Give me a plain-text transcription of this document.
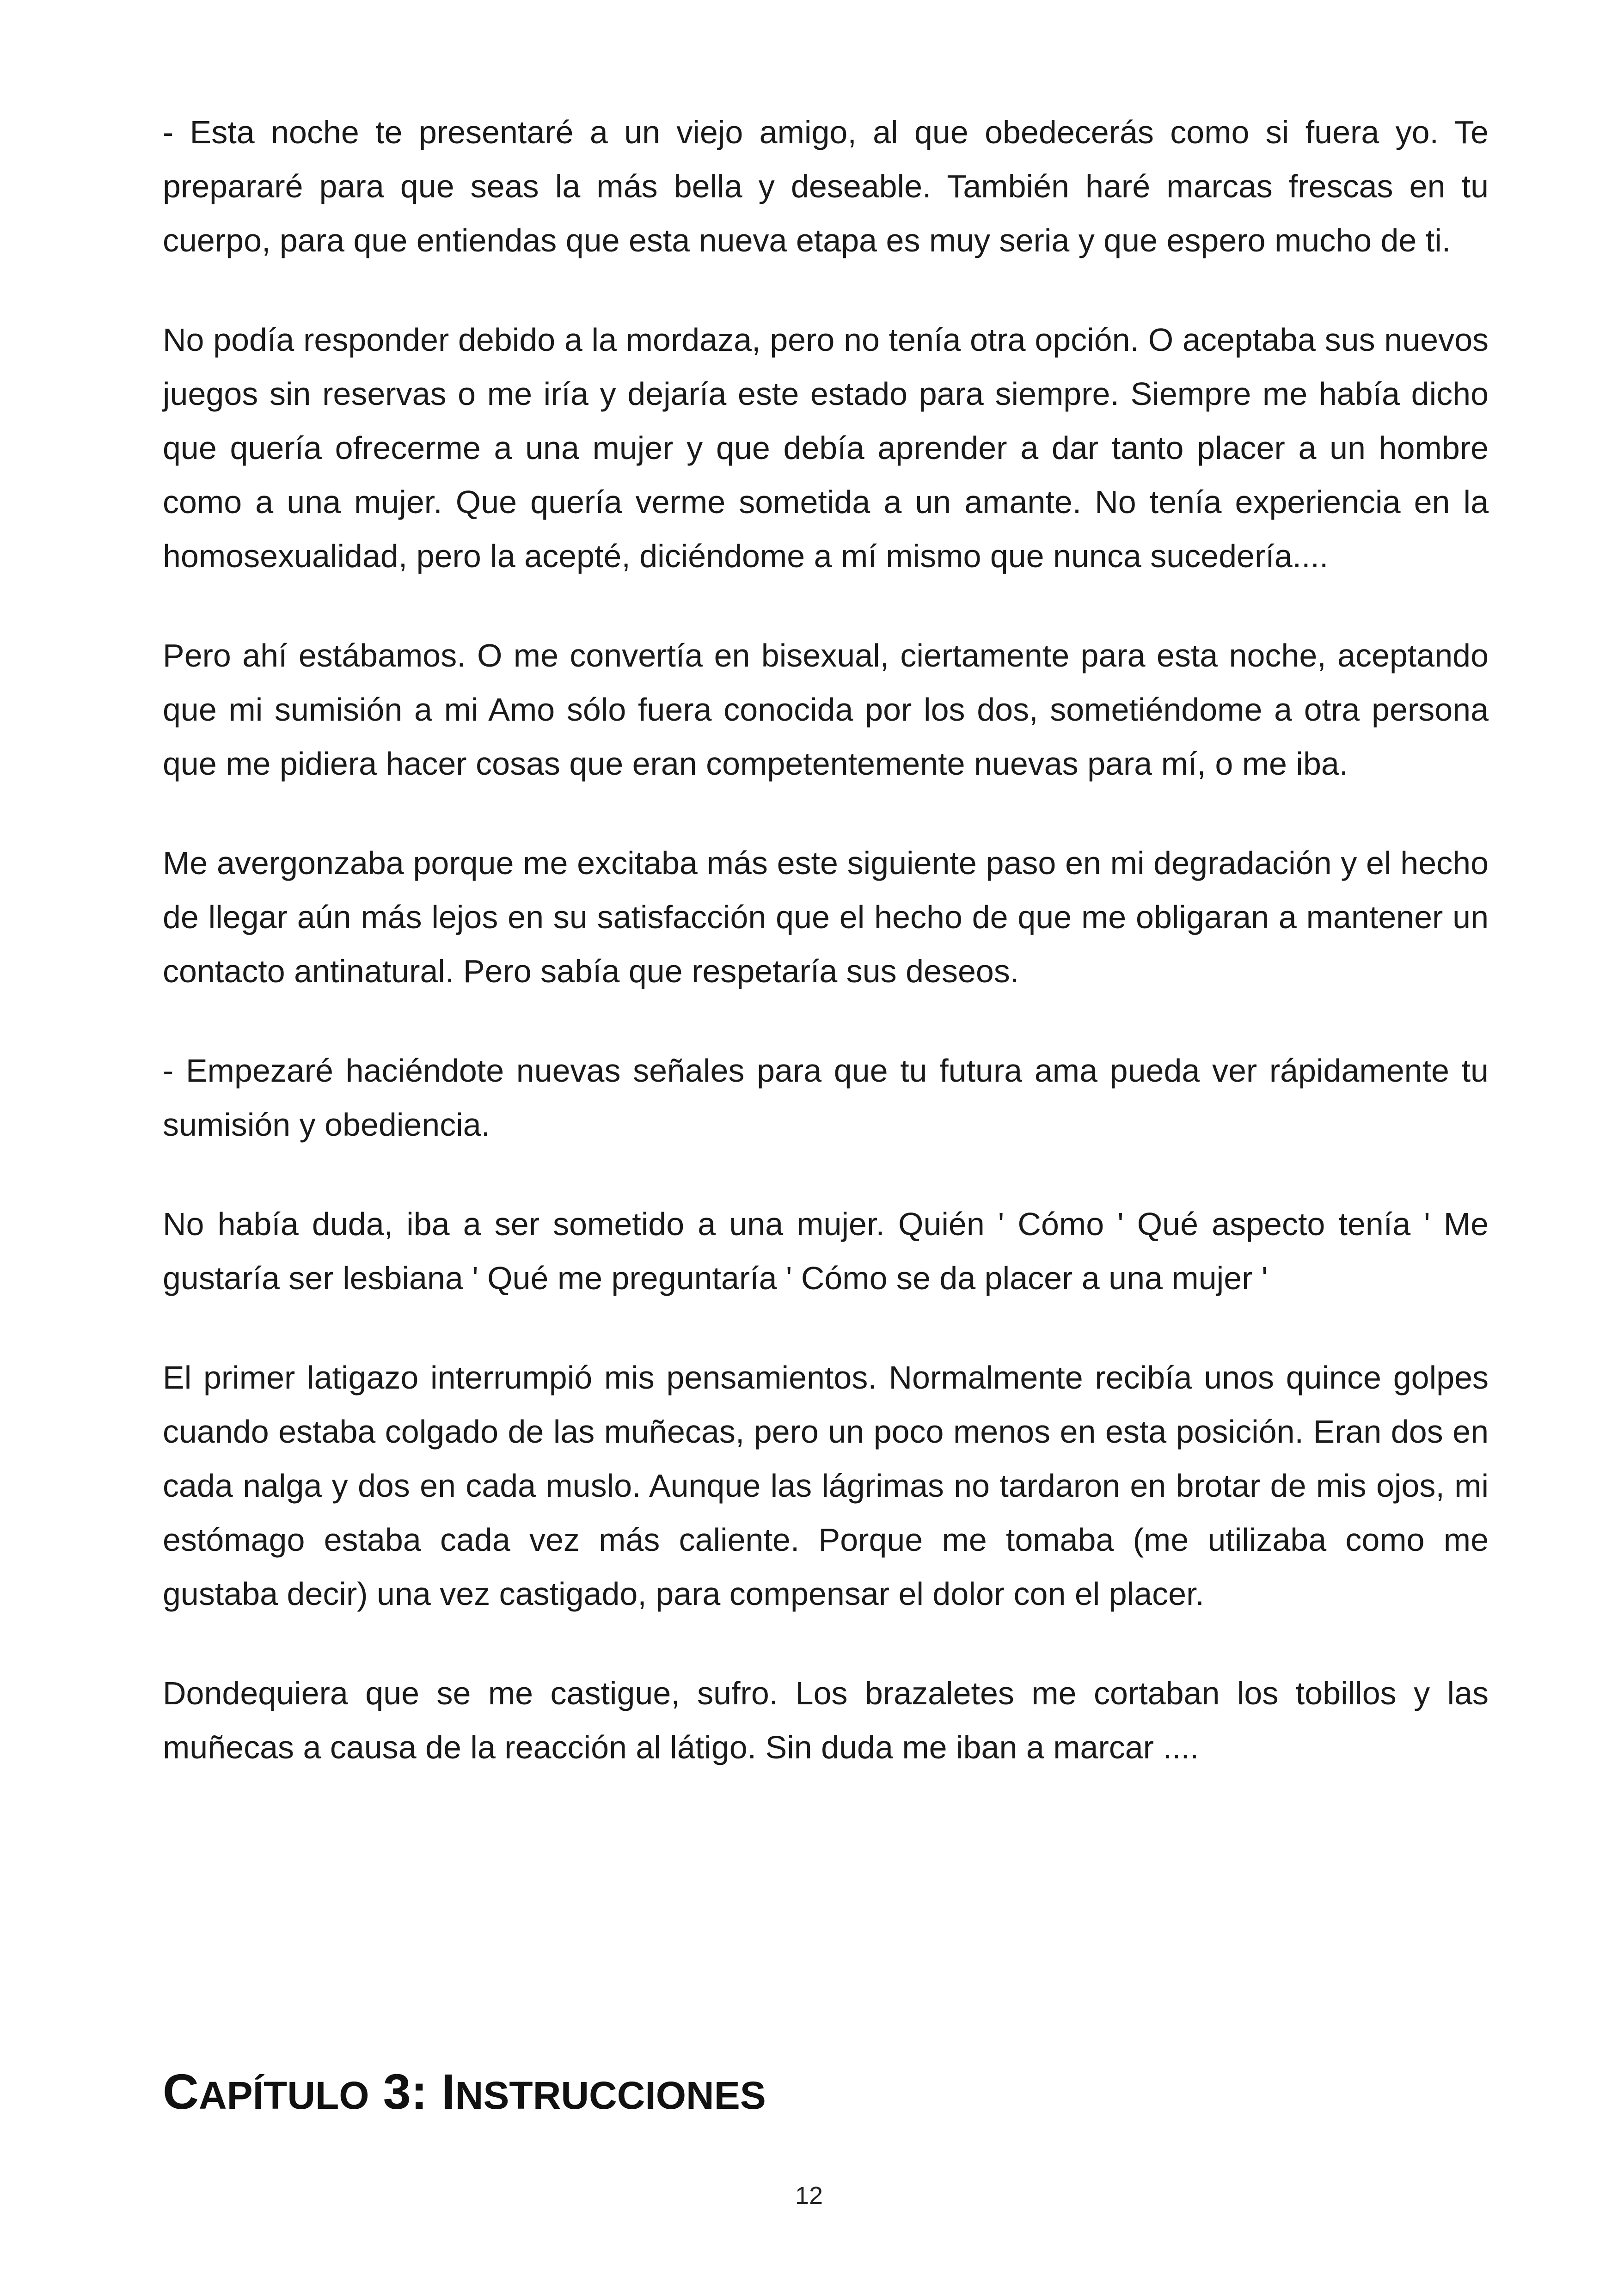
- Esta noche te presentaré a un viejo amigo, al que obedecerás como si fuera yo. Te prepararé para que seas la más bella y deseable. También haré marcas frescas en tu cuerpo, para que entiendas que esta nueva etapa es muy seria y que espero mucho de ti.

No podía responder debido a la mordaza, pero no tenía otra opción. O aceptaba sus nuevos juegos sin reservas o me iría y dejaría este estado para siempre. Siempre me había dicho que quería ofrecerme a una mujer y que debía aprender a dar tanto placer a un hombre como a una mujer. Que quería verme sometida a un amante. No tenía experiencia en la homosexualidad, pero la acepté, diciéndome a mí mismo que nunca sucedería....

Pero ahí estábamos. O me convertía en bisexual, ciertamente para esta noche, aceptando que mi sumisión a mi Amo sólo fuera conocida por los dos, sometiéndome a otra persona que me pidiera hacer cosas que eran competentemente nuevas para mí, o me iba.

Me avergonzaba porque me excitaba más este siguiente paso en mi degradación y el hecho de llegar aún más lejos en su satisfacción que el hecho de que me obligaran a mantener un contacto antinatural. Pero sabía que respetaría sus deseos.

- Empezaré haciéndote nuevas señales para que tu futura ama pueda ver rápidamente tu sumisión y obediencia.

No había duda, iba a ser sometido a una mujer. Quién ' Cómo ' Qué aspecto tenía ' Me gustaría ser lesbiana ' Qué me preguntaría ' Cómo se da placer a una mujer '

El primer latigazo interrumpió mis pensamientos. Normalmente recibía unos quince golpes cuando estaba colgado de las muñecas, pero un poco menos en esta posición. Eran dos en cada nalga y dos en cada muslo. Aunque las lágrimas no tardaron en brotar de mis ojos, mi estómago estaba cada vez más caliente. Porque me tomaba (me utilizaba como me gustaba decir) una vez castigado, para compensar el dolor con el placer.

Dondequiera que se me castigue, sufro. Los brazaletes me cortaban los tobillos y las muñecas a causa de la reacción al látigo. Sin duda me iban a marcar ....

CAPÍTULO 3: INSTRUCCIONES
12
